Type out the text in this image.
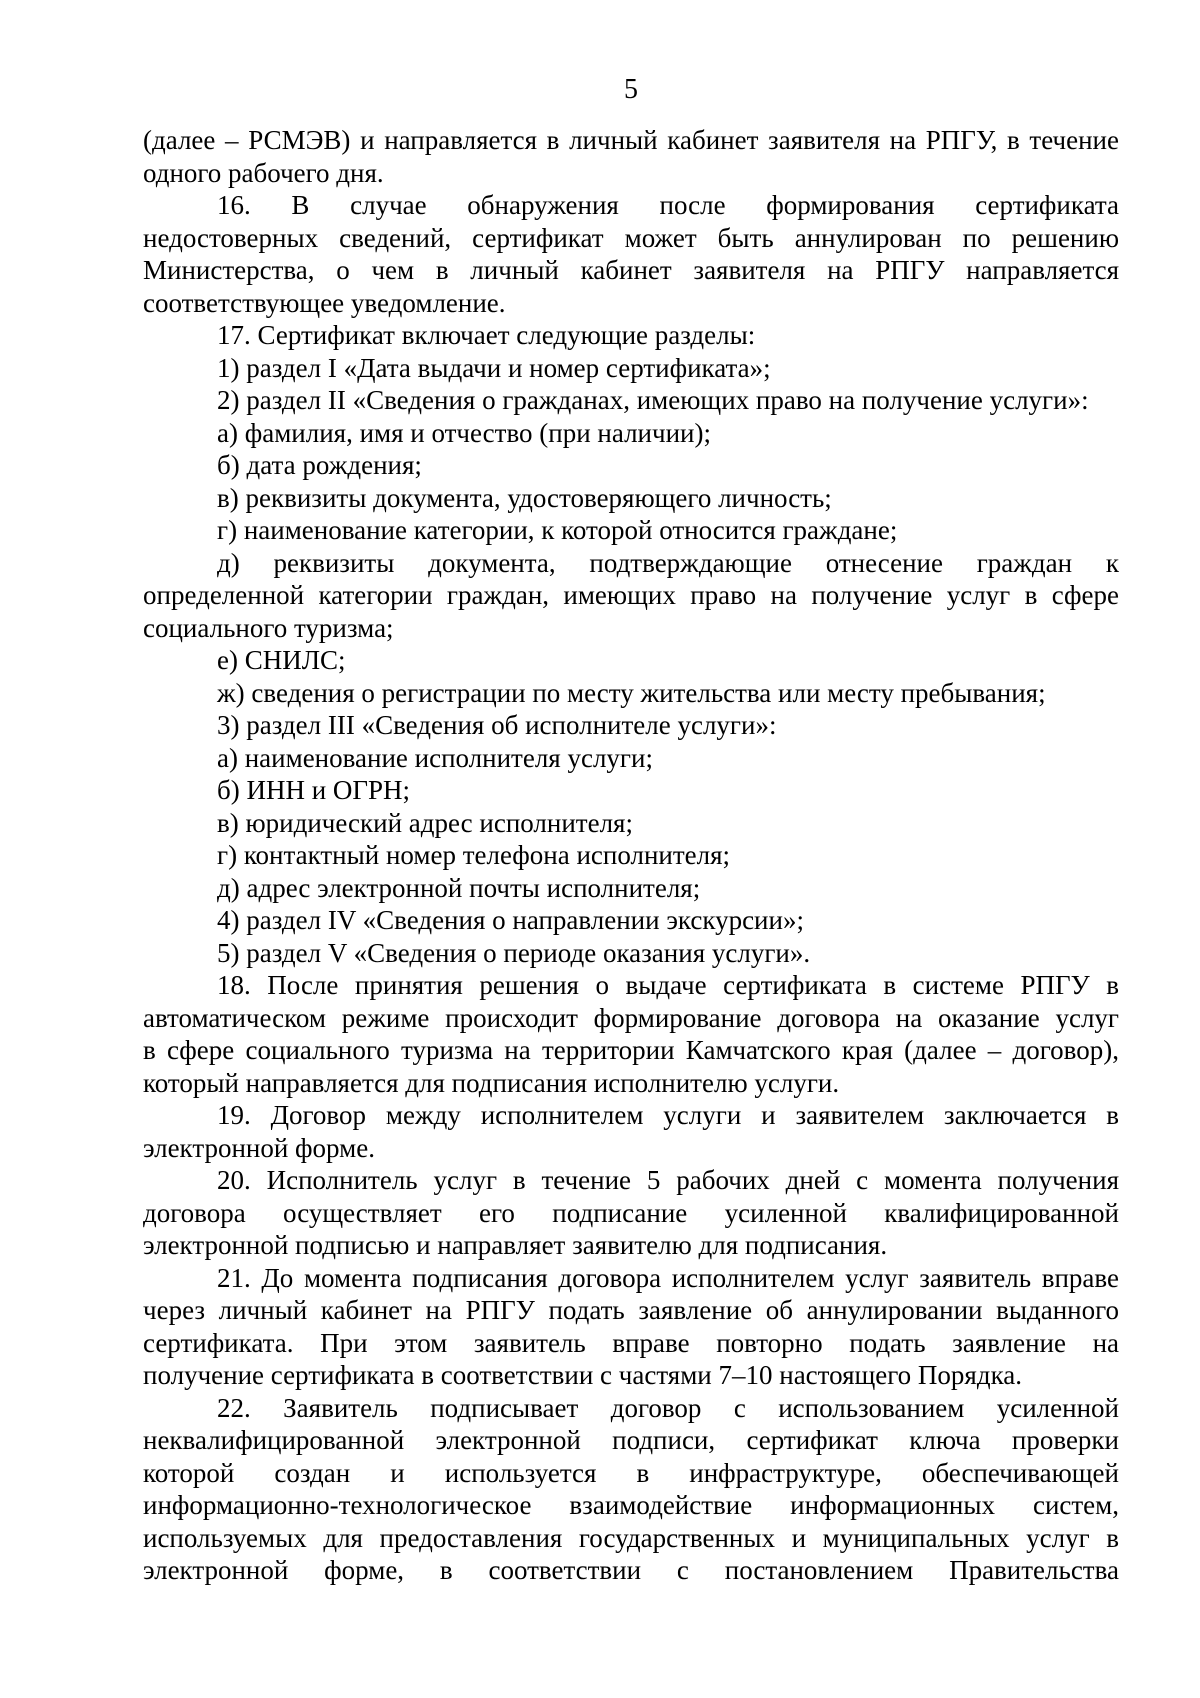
5

(далее – РСМЭВ) и направляется в личный кабинет заявителя на РПГУ, в течение

одного рабочего дня.

16. В случае обнаружения после формирования сертификата

недостоверных сведений, сертификат может быть аннулирован по решению

Министерства, о чем в личный кабинет заявителя на РПГУ направляется

соответствующее уведомление.

17. Сертификат включает следующие разделы:

1) раздел I «Дата выдачи и номер сертификата»;

2) раздел II «Сведения о гражданах, имеющих право на получение услуги»:

а) фамилия, имя и отчество (при наличии);

б) дата рождения;

в) реквизиты документа, удостоверяющего личность;

г) наименование категории, к которой относится граждане;

д) реквизиты документа, подтверждающие отнесение граждан к

определенной категории граждан, имеющих право на получение услуг в сфере

социального туризма;

е) СНИЛС;

ж) сведения о регистрации по месту жительства или месту пребывания;

3) раздел III «Сведения об исполнителе услуги»:

а) наименование исполнителя услуги;

б) ИНН и ОГРН;

в) юридический адрес исполнителя;

г) контактный номер телефона исполнителя;

д) адрес электронной почты исполнителя;

4) раздел IV «Сведения о направлении экскурсии»;

5) раздел V «Сведения о периоде оказания услуги».

18. После принятия решения о выдаче сертификата в системе РПГУ в

автоматическом режиме происходит формирование договора на оказание услуг

в сфере социального туризма на территории Камчатского края (далее – договор),

который направляется для подписания исполнителю услуги.

19. Договор между исполнителем услуги и заявителем заключается в

электронной форме.

20. Исполнитель услуг в течение 5 рабочих дней с момента получения

договора осуществляет его подписание усиленной квалифицированной

электронной подписью и направляет заявителю для подписания.

21. До момента подписания договора исполнителем услуг заявитель вправе

через личный кабинет на РПГУ подать заявление об аннулировании выданного

сертификата. При этом заявитель вправе повторно подать заявление на

получение сертификата в соответствии с частями 7–10 настоящего Порядка.

22. Заявитель подписывает договор с использованием усиленной

неквалифицированной электронной подписи, сертификат ключа проверки

которой создан и используется в инфраструктуре, обеспечивающей

информационно-технологическое взаимодействие информационных систем,

используемых для предоставления государственных и муниципальных услуг в

электронной форме, в соответствии с постановлением Правительства
